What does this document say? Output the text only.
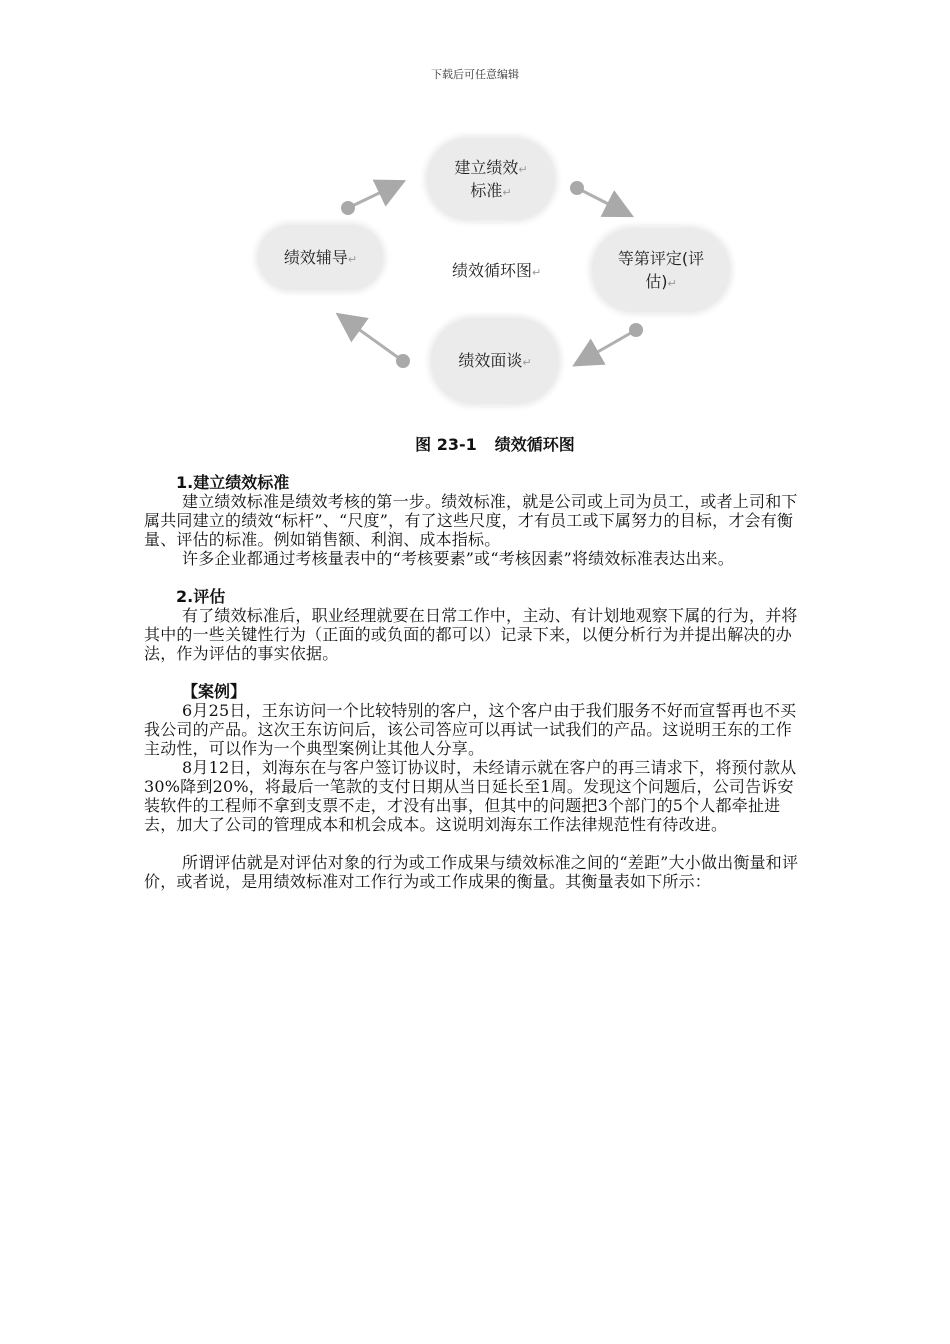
下载后可任意编辑
建立绩效↵
标准↵
等第评定(评
估)↵
绩效面谈↵
绩效辅导↵
绩效循环图↵
图 23-1 绩效循环图

1.建立绩效标准

建立绩效标准是绩效考核的第一步。绩效标准，就是公司或上司为员工，或者上司和下属共同建立的绩效“标杆”、“尺度”，有了这些尺度，才有员工或下属努力的目标，才会有衡量、评估的标准。例如销售额、利润、成本指标。

许多企业都通过考核量表中的“考核要素”或“考核因素”将绩效标准表达出来。

2.评估

有了绩效标准后，职业经理就要在日常工作中，主动、有计划地观察下属的行为，并将其中的一些关键性行为（正面的或负面的都可以）记录下来，以便分析行为并提出解决的办法，作为评估的事实依据。

【案例】

6月25日，王东访问一个比较特别的客户，这个客户由于我们服务不好而宣誓再也不买我公司的产品。这次王东访问后，该公司答应可以再试一试我们的产品。这说明王东的工作主动性，可以作为一个典型案例让其他人分享。

8月12日，刘海东在与客户签订协议时，未经请示就在客户的再三请求下，将预付款从30%降到20%，将最后一笔款的支付日期从当日延长至1周。发现这个问题后，公司告诉安装软件的工程师不拿到支票不走，才没有出事，但其中的问题把3个部门的5个人都牵扯进去，加大了公司的管理成本和机会成本。这说明刘海东工作法律规范性有待改进。

所谓评估就是对评估对象的行为或工作成果与绩效标准之间的“差距”大小做出衡量和评价，或者说，是用绩效标准对工作行为或工作成果的衡量。其衡量表如下所示：
